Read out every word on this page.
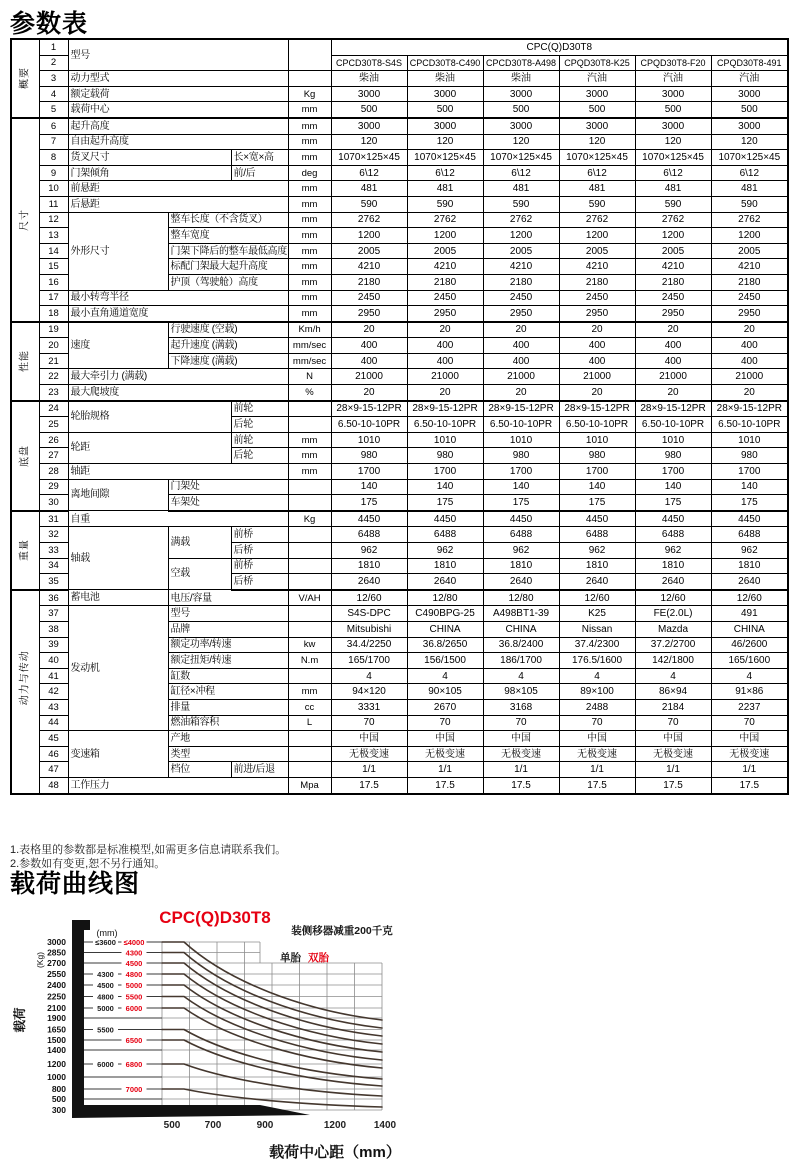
参数表
概要	1	型号				CPC(Q)D30T8					
	2					CPCD30T8-S4S	CPCD30T8-C490	CPCD30T8-A498	CPQD30T8-K25	CPQD30T8-F20	CPQD30T8-491
	3	动力型式				柴油	柴油	柴油	汽油	汽油	汽油
	4	额定载荷			Kg	3000	3000	3000	3000	3000	3000
	5	载荷中心			mm	500	500	500	500	500	500

尺寸	6	起升高度			mm	3000	3000	3000	3000	3000	3000
	7	自由起升高度			mm	120	120	120	120	120	120
	8	货叉尺寸		长×宽×高	mm	1070×125×45	1070×125×45	1070×125×45	1070×125×45	1070×125×45	1070×125×45
	9	门架倾角		前/后	deg	6\12	6\12	6\12	6\12	6\12	6\12
	10	前悬距			mm	481	481	481	481	481	481
	11	后悬距			mm	590	590	590	590	590	590
	12	外形尺寸	整车长度（不含货叉）		mm	2762	2762	2762	2762	2762	2762
	13		整车宽度		mm	1200	1200	1200	1200	1200	1200
	14		门架下降后的整车最低高度		mm	2005	2005	2005	2005	2005	2005
	15		标配门架最大起升高度		mm	4210	4210	4210	4210	4210	4210
	16		护顶（驾驶舱）高度		mm	2180	2180	2180	2180	2180	2180
	17	最小转弯半径			mm	2450	2450	2450	2450	2450	2450
	18	最小直角通道宽度			mm	2950	2950	2950	2950	2950	2950

性能	19	速度	行驶速度 (空载)		Km/h	20	20	20	20	20	20
	20		起升速度 (满载)		mm/sec	400	400	400	400	400	400
	21		下降速度 (满载)		mm/sec	400	400	400	400	400	400
	22	最大牵引力 (满载)			N	21000	21000	21000	21000	21000	21000
	23	最大爬坡度			%	20	20	20	20	20	20

底盘	24	轮胎规格		前轮		28×9-15-12PR	28×9-15-12PR	28×9-15-12PR	28×9-15-12PR	28×9-15-12PR	28×9-15-12PR
	25			后轮		6.50-10-10PR	6.50-10-10PR	6.50-10-10PR	6.50-10-10PR	6.50-10-10PR	6.50-10-10PR
	26	轮距		前轮	mm	1010	1010	1010	1010	1010	1010
	27			后轮	mm	980	980	980	980	980	980
	28	轴距			mm	1700	1700	1700	1700	1700	1700
	29	离地间隙	门架处			140	140	140	140	140	140
	30		车架处			175	175	175	175	175	175

重量	31	自重			Kg	4450	4450	4450	4450	4450	4450
	32	轴载	满载	前桥		6488	6488	6488	6488	6488	6488
	33			后桥		962	962	962	962	962	962
	34		空载	前桥		1810	1810	1810	1810	1810	1810
	35			后桥		2640	2640	2640	2640	2640	2640

动力与传动	36	蓄电池	电压/容量		V/AH	12/60	12/80	12/80	12/60	12/60	12/60
	37	发动机	型号			S4S-DPC	C490BPG-25	A498BT1-39	K25	FE(2.0L)	491
	38		品牌			Mitsubishi	CHINA	CHINA	Nissan	Mazda	CHINA
	39		额定功率/转速		kw	34.4/2250	36.8/2650	36.8/2400	37.4/2300	37.2/2700	46/2600
	40		额定扭矩/转速		N.m	165/1700	156/1500	186/1700	176.5/1600	142/1800	165/1600
	41		缸数			4	4	4	4	4	4
	42		缸径×冲程		mm	94×120	90×105	98×105	89×100	86×94	91×86
	43		排量		cc	3331	2670	3168	2488	2184	2237
	44		燃油箱容积		L	70	70	70	70	70	70
	45	变速箱	产地			中国	中国	中国	中国	中国	中国
	46		类型			无极变速	无极变速	无极变速	无极变速	无极变速	无极变速
	47		档位	前进/后退		1/1	1/1	1/1	1/1	1/1	1/1
	48	工作压力			Mpa	17.5	17.5	17.5	17.5	17.5	17.5
1.表格里的参数都是标准模型,如需更多信息请联系我们。
2.参数如有变更,恕不另行通知。
载荷曲线图
≤3600 ≤4000
4300
4500
4300 4800
4500 5000
4800 5500
5000 6000
5500
6500
6000 6800
7000
3000
2850
2700
2550
2400
2250
2100
1900
1650
1500
1400
1200
1000
800
500
300
500 700	900	1200	1400
(mm)
CPC(Q)D30T8
装侧移器减重200千克
单胎 双胎
(Kg)
载荷
载荷中心距（mm）
